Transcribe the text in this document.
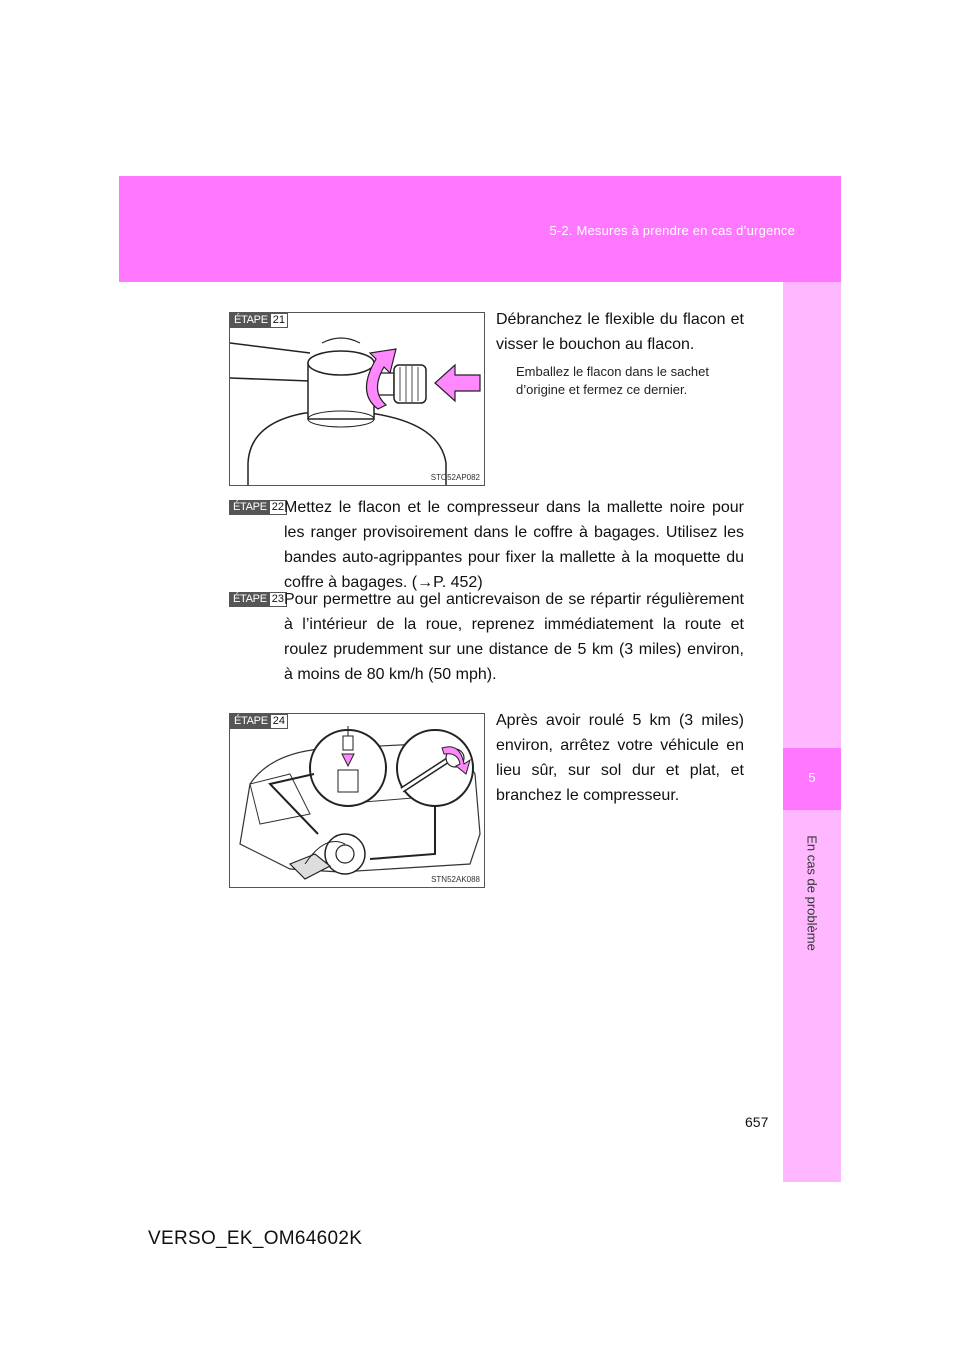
5-2. Mesures à prendre en cas d’urgence
5
En cas de problème
ÉTAPE 21
STO52AP082
Débranchez le flexible du flacon et visser le bouchon au flacon.
Emballez le flacon dans le sachet d’origine et fermez ce dernier.
ÉTAPE 22 Mettez le flacon et le compresseur dans la mallette noire pour les ranger provisoirement dans le coffre à bagages. Utilisez les bandes auto-agrippantes pour fixer la mallette à la moquette du coffre à bagages. (→P. 452)
ÉTAPE 23 Pour permettre au gel anticrevaison de se répartir régulièrement à l’intérieur de la roue, reprenez immédiatement la route et roulez prudemment sur une distance de 5 km (3 miles) environ, à moins de 80 km/h (50 mph).
ÉTAPE 24
STN52AK088
Après avoir roulé 5 km (3 miles) environ, arrêtez votre véhicule en lieu sûr, sur sol dur et plat, et branchez le compresseur.
657
VERSO_EK_OM64602K
